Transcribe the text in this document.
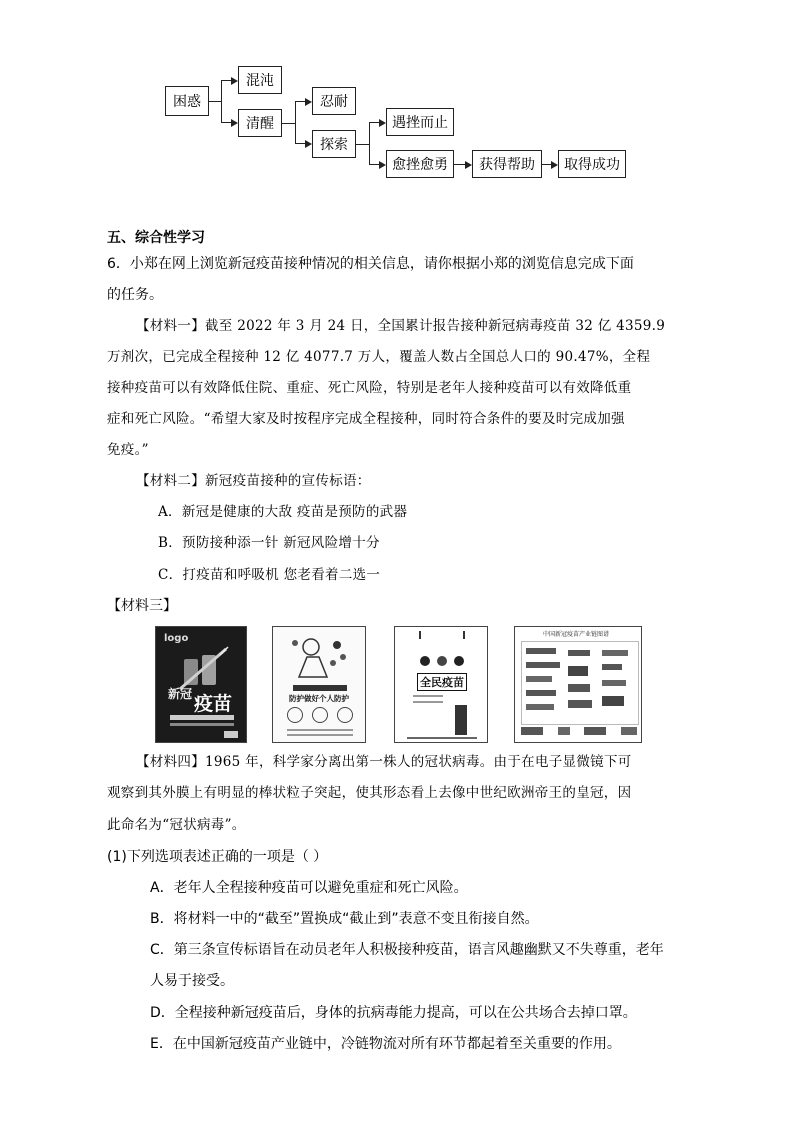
困惑
混沌
清醒
忍耐
探索
遇挫而止
愈挫愈勇	获得帮助	取得成功
五、综合性学习
6．小郑在网上浏览新冠疫苗接种情况的相关信息，请你根据小郑的浏览信息完成下面
的任务。
【材料一】截至 2022 年 3 月 24 日，全国累计报告接种新冠病毒疫苗 32 亿 4359.9
万剂次，已完成全程接种 12 亿 4077.7 万人，覆盖人数占全国总人口的 90.47%，全程
接种疫苗可以有效降低住院、重症、死亡风险，特别是老年人接种疫苗可以有效降低重
症和死亡风险。“希望大家及时按程序完成全程接种，同时符合条件的要及时完成加强
免疫。”
【材料二】新冠疫苗接种的宣传标语：
A．新冠是健康的大敌 疫苗是预防的武器
B．预防接种添一针 新冠风险增十分
C．打疫苗和呼吸机 您老看着二选一
【材料三】
logo
新冠 疫苗	防护做好个人防护
全民疫苗
中国新冠疫苗产业链图谱
【材料四】1965 年，科学家分离出第一株人的冠状病毒。由于在电子显微镜下可
观察到其外膜上有明显的棒状粒子突起，使其形态看上去像中世纪欧洲帝王的皇冠，因
此命名为“冠状病毒”。
(1)下列选项表述正确的一项是（ ）
A．老年人全程接种疫苗可以避免重症和死亡风险。
B．将材料一中的“截至”置换成“截止到”表意不变且衔接自然。
C．第三条宣传标语旨在动员老年人积极接种疫苗，语言风趣幽默又不失尊重，老年
人易于接受。
D．全程接种新冠疫苗后，身体的抗病毒能力提高，可以在公共场合去掉口罩。
E．在中国新冠疫苗产业链中，冷链物流对所有环节都起着至关重要的作用。
